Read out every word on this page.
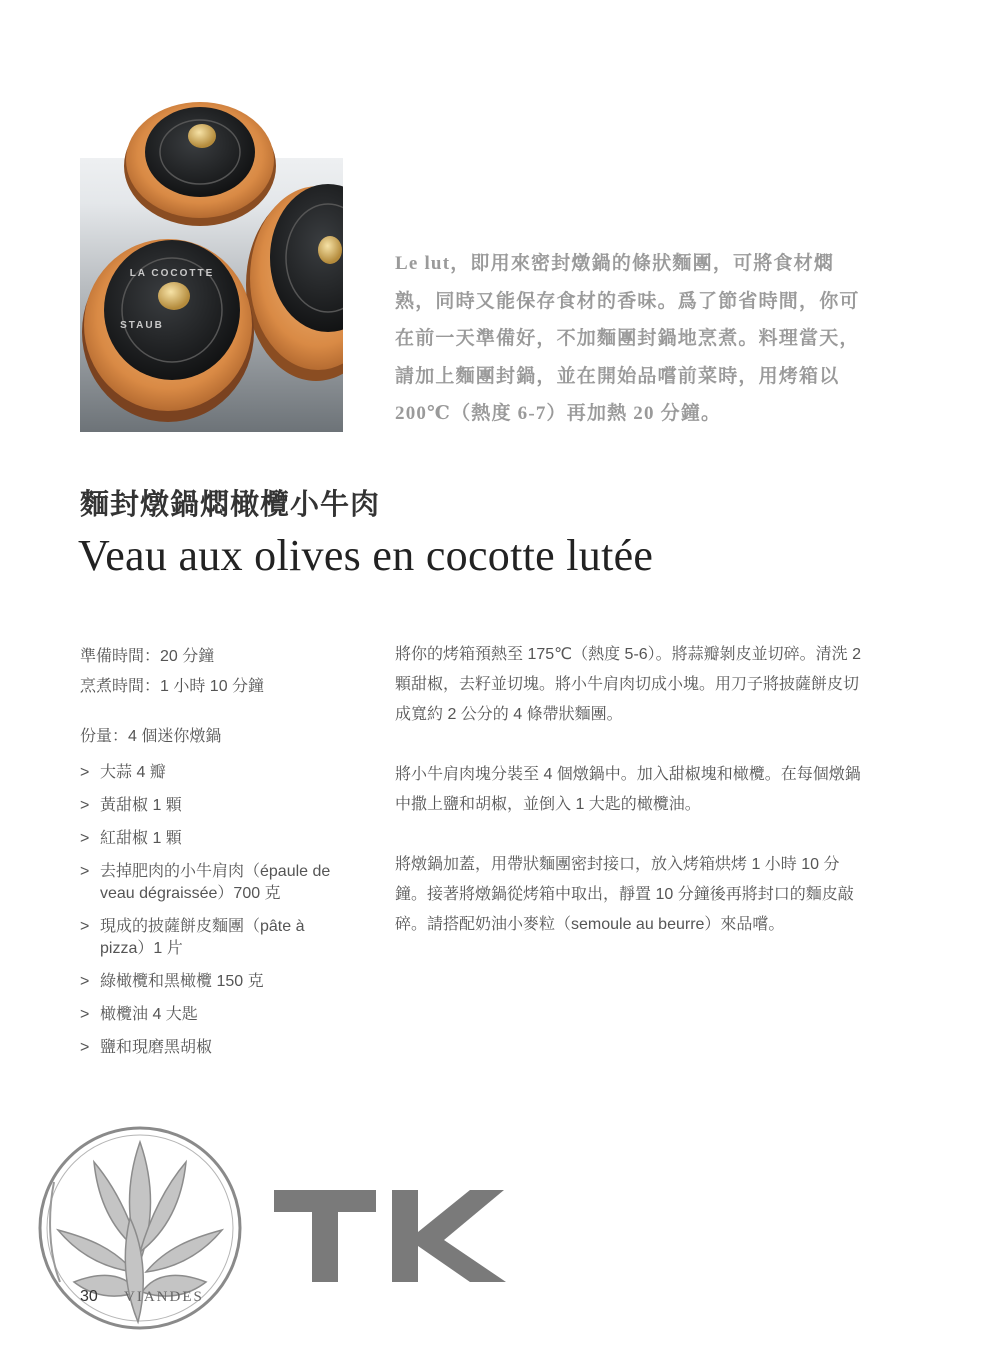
LA COCOTTE
STAUB
Le lut，即用來密封燉鍋的條狀麵團，可將食材燜熟，同時又能保存食材的香味。爲了節省時間，你可在前一天準備好，不加麵團封鍋地烹煮。料理當天，請加上麵團封鍋，並在開始品嚐前菜時，用烤箱以 200℃（熱度 6-7）再加熱 20 分鐘。
麵封燉鍋燜橄欖小牛肉
Veau aux olives en cocotte lutée
準備時間：20 分鐘
烹煮時間：1 小時 10 分鐘
份量：4 個迷你燉鍋
> 大蒜 4 瓣
> 黃甜椒 1 顆
> 紅甜椒 1 顆
> 去掉肥肉的小牛肩肉（épaule de veau dégraissée）700 克
> 現成的披薩餅皮麵團（pâte à pizza）1 片
> 綠橄欖和黑橄欖 150 克
> 橄欖油 4 大匙
> 鹽和現磨黑胡椒

將你的烤箱預熱至 175℃（熱度 5-6）。將蒜瓣剝皮並切碎。清洗 2 顆甜椒，去籽並切塊。將小牛肩肉切成小塊。用刀子將披薩餅皮切成寬約 2 公分的 4 條帶狀麵團。

將小牛肩肉塊分裝至 4 個燉鍋中。加入甜椒塊和橄欖。在每個燉鍋中撒上鹽和胡椒，並倒入 1 大匙的橄欖油。

將燉鍋加蓋，用帶狀麵團密封接口，放入烤箱烘烤 1 小時 10 分鐘。接著將燉鍋從烤箱中取出，靜置 10 分鐘後再將封口的麵皮敲碎。請搭配奶油小麥粒（semoule au beurre）來品嚐。

30 VIANDES
